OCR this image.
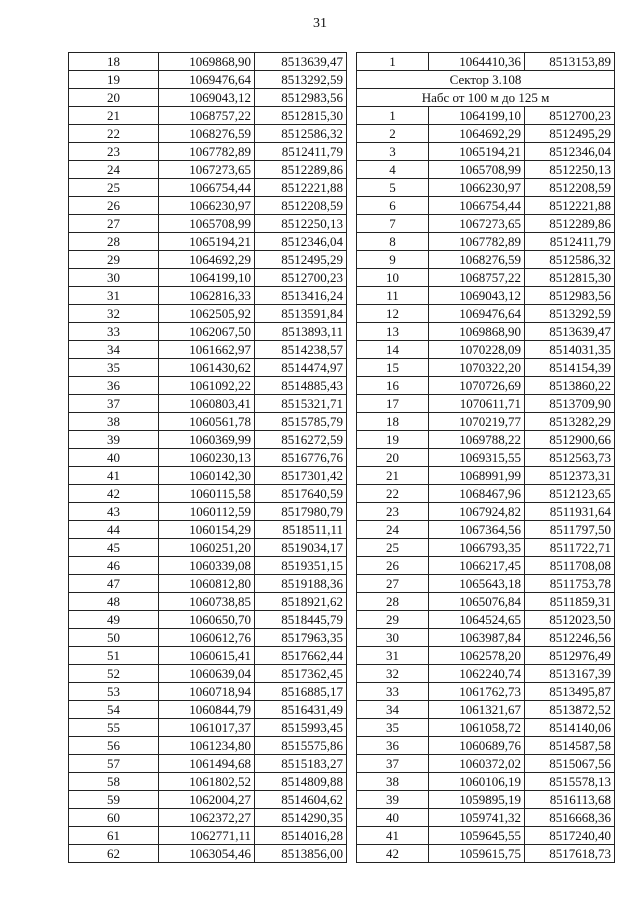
31
18	1069868,90	8513639,47
19	1069476,64	8513292,59
20	1069043,12	8512983,56
21	1068757,22	8512815,30
22	1068276,59	8512586,32
23	1067782,89	8512411,79
24	1067273,65	8512289,86
25	1066754,44	8512221,88
26	1066230,97	8512208,59
27	1065708,99	8512250,13
28	1065194,21	8512346,04
29	1064692,29	8512495,29
30	1064199,10	8512700,23
31	1062816,33	8513416,24
32	1062505,92	8513591,84
33	1062067,50	8513893,11
34	1061662,97	8514238,57
35	1061430,62	8514474,97
36	1061092,22	8514885,43
37	1060803,41	8515321,71
38	1060561,78	8515785,79
39	1060369,99	8516272,59
40	1060230,13	8516776,76
41	1060142,30	8517301,42
42	1060115,58	8517640,59
43	1060112,59	8517980,79
44	1060154,29	8518511,11
45	1060251,20	8519034,17
46	1060339,08	8519351,15
47	1060812,80	8519188,36
48	1060738,85	8518921,62
49	1060650,70	8518445,79
50	1060612,76	8517963,35
51	1060615,41	8517662,44
52	1060639,04	8517362,45
53	1060718,94	8516885,17
54	1060844,79	8516431,49
55	1061017,37	8515993,45
56	1061234,80	8515575,86
57	1061494,68	8515183,27
58	1061802,52	8514809,88
59	1062004,27	8514604,62
60	1062372,27	8514290,35
61	1062771,11	8514016,28
62	1063054,46	8513856,00
1	1064410,36	8513153,89
Сектор 3.108		
Набс от 100 м до 125 м		
1	1064199,10	8512700,23
2	1064692,29	8512495,29
3	1065194,21	8512346,04
4	1065708,99	8512250,13
5	1066230,97	8512208,59
6	1066754,44	8512221,88
7	1067273,65	8512289,86
8	1067782,89	8512411,79
9	1068276,59	8512586,32
10	1068757,22	8512815,30
11	1069043,12	8512983,56
12	1069476,64	8513292,59
13	1069868,90	8513639,47
14	1070228,09	8514031,35
15	1070322,20	8514154,39
16	1070726,69	8513860,22
17	1070611,71	8513709,90
18	1070219,77	8513282,29
19	1069788,22	8512900,66
20	1069315,55	8512563,73
21	1068991,99	8512373,31
22	1068467,96	8512123,65
23	1067924,82	8511931,64
24	1067364,56	8511797,50
25	1066793,35	8511722,71
26	1066217,45	8511708,08
27	1065643,18	8511753,78
28	1065076,84	8511859,31
29	1064524,65	8512023,50
30	1063987,84	8512246,56
31	1062578,20	8512976,49
32	1062240,74	8513167,39
33	1061762,73	8513495,87
34	1061321,67	8513872,52
35	1061058,72	8514140,06
36	1060689,76	8514587,58
37	1060372,02	8515067,56
38	1060106,19	8515578,13
39	1059895,19	8516113,68
40	1059741,32	8516668,36
41	1059645,55	8517240,40
42	1059615,75	8517618,73
